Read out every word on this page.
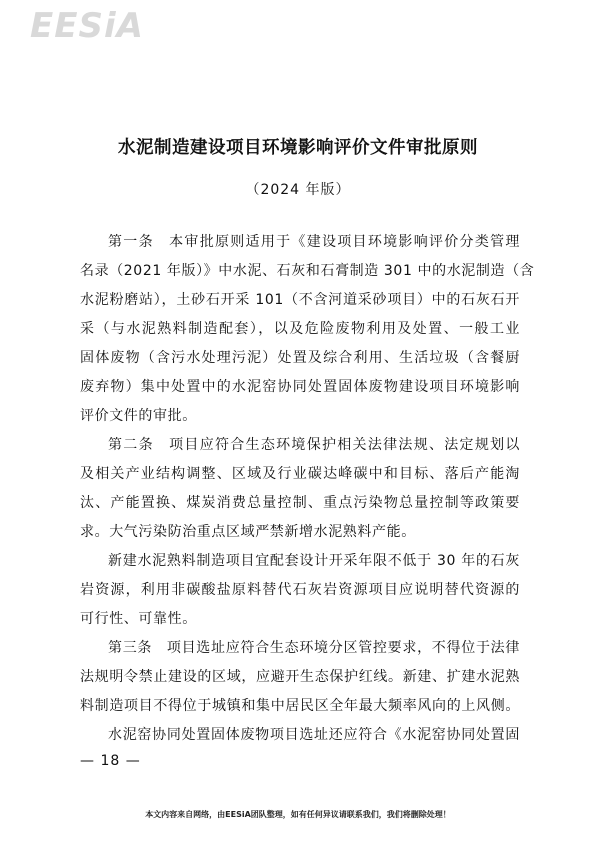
EESiA
水泥制造建设项目环境影响评价文件审批原则
（2024 年版）
第一条　本审批原则适用于《建设项目环境影响评价分类管理
名录（2021 年版）》中水泥、石灰和石膏制造 301 中的水泥制造（含
水泥粉磨站），土砂石开采 101（不含河道采砂项目）中的石灰石开
采（与水泥熟料制造配套），以及危险废物利用及处置、一般工业
固体废物（含污水处理污泥）处置及综合利用、生活垃圾（含餐厨
废弃物）集中处置中的水泥窑协同处置固体废物建设项目环境影响
评价文件的审批。
第二条　项目应符合生态环境保护相关法律法规、法定规划以
及相关产业结构调整、区域及行业碳达峰碳中和目标、落后产能淘
汰、产能置换、煤炭消费总量控制、重点污染物总量控制等政策要
求。大气污染防治重点区域严禁新增水泥熟料产能。
新建水泥熟料制造项目宜配套设计开采年限不低于 30 年的石灰
岩资源，利用非碳酸盐原料替代石灰岩资源项目应说明替代资源的
可行性、可靠性。
第三条　项目选址应符合生态环境分区管控要求，不得位于法律
法规明令禁止建设的区域，应避开生态保护红线。新建、扩建水泥熟
料制造项目不得位于城镇和集中居民区全年最大频率风向的上风侧。
水泥窑协同处置固体废物项目选址还应符合《水泥窑协同处置固
— 18 —
本文内容来自网络，由EESiA团队整理，如有任何异议请联系我们，我们将删除处理！
